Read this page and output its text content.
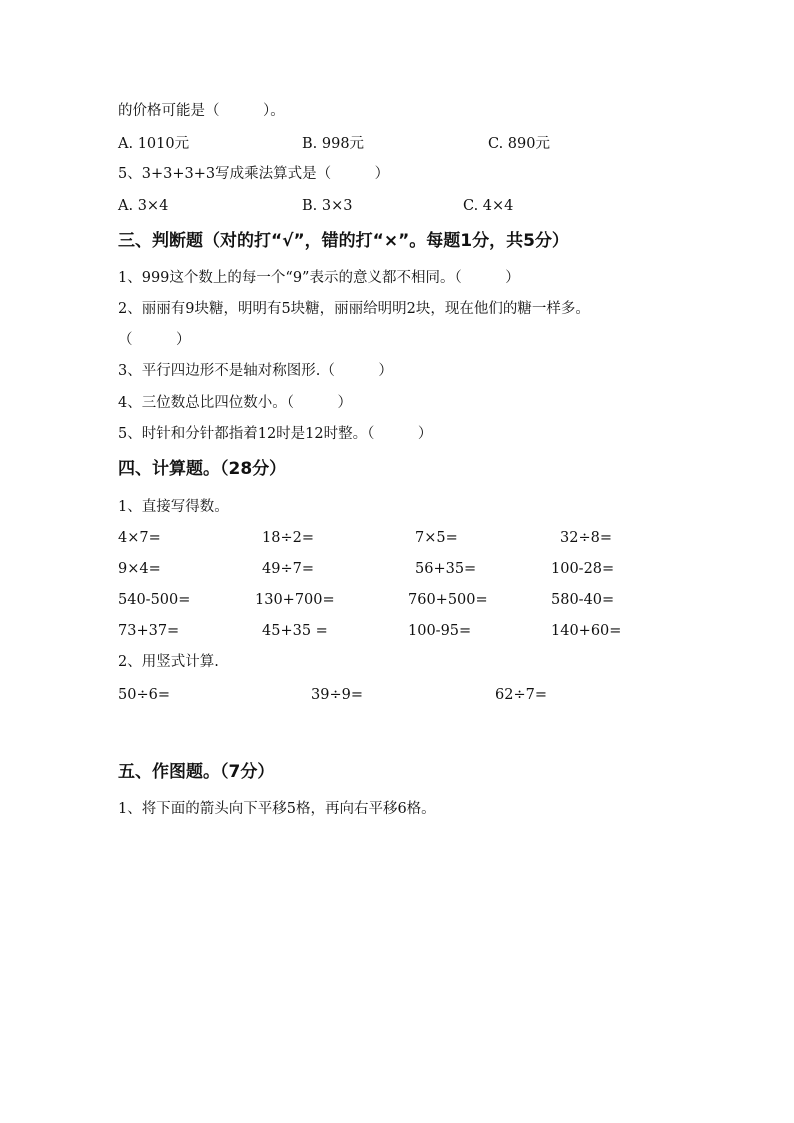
的价格可能是（　　　）。
A. 1010元	B. 998元	C. 890元
5、3+3+3+3写成乘法算式是（　　　）
A. 3×4	B. 3×3	C. 4×4
三、判断题（对的打“√”，错的打“×”。每题1分，共5分）
1、999这个数上的每一个“9”表示的意义都不相同。（　　　）
2、丽丽有9块糖，明明有5块糖，丽丽给明明2块，现在他们的糖一样多。
（　　　）
3、平行四边形不是轴对称图形.（　　　）
4、三位数总比四位数小。（　　　）
5、时针和分针都指着12时是12时整。（　　　）
四、计算题。（28分）
1、直接写得数。
4×7=	18÷2=	7×5=	32÷8=
9×4=	49÷7=	56+35=	100-28=
540-500=	130+700=	760+500=	580-40=
73+37=	45+35 =	100-95=	140+60=
2、用竖式计算.
50÷6=	39÷9=	62÷7=
五、作图题。（7分）
1、将下面的箭头向下平移5格，再向右平移6格。
